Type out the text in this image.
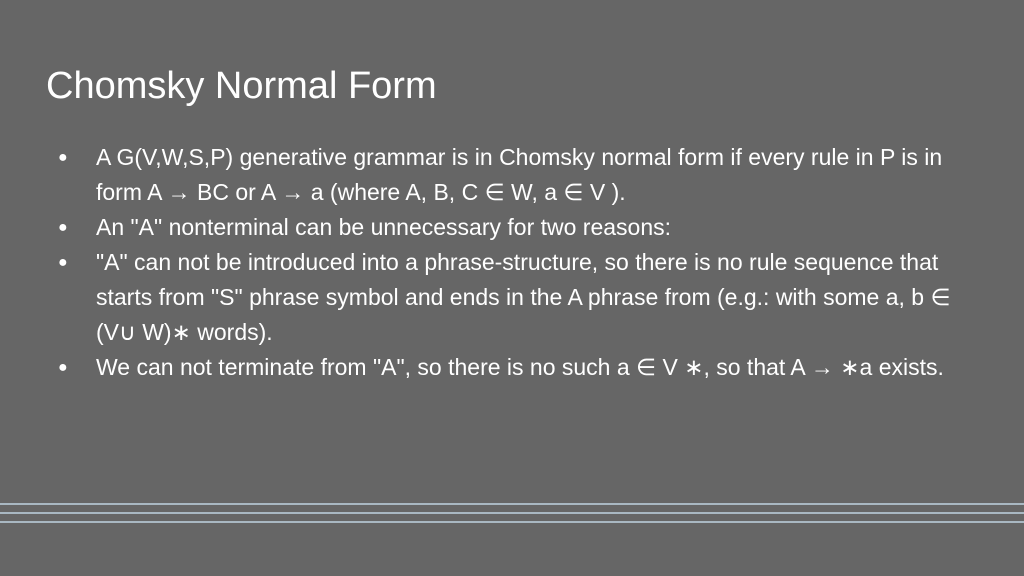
Chomsky Normal Form
●	A G(V,W,S,P) generative grammar is in Chomsky normal form if every rule in P is in form A → BC or A → a (where A, B, C ∈ W, a ∈ V ).
●	An "A" nonterminal can be unnecessary for two reasons:
●	"A" can not be introduced into a phrase-structure, so there is no rule sequence that starts from "S" phrase symbol and ends in the A phrase from (e.g.: with some a, b ∈ (V∪ W)∗ words).
●	We can not terminate from "A", so there is no such a ∈ V ∗, so that A → ∗a exists.
